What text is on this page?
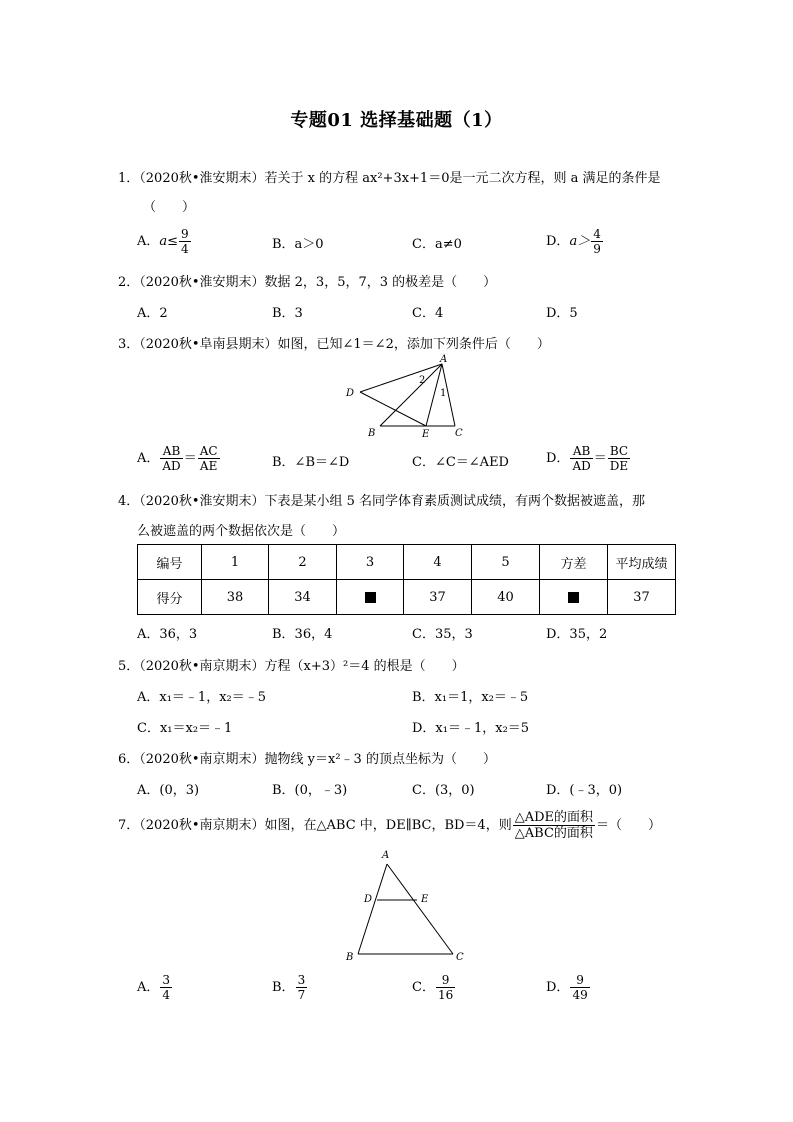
专题01 选择基础题（1）
1．（2020秋•淮安期末）若关于 x 的方程 ax²+3x+1＝0是一元二次方程，则 a 满足的条件是
（　　）
A．$a\le \frac{9}{4}$	B．a＞0	C．a≠0	D．$a> \frac{4}{9}$
2．（2020秋•淮安期末）数据 2，3，5，7，3 的极差是（　　）
A．2	B．3	C．4	D．5
3．（2020秋•阜南县期末）如图，已知∠1＝∠2，添加下列条件后（　　）
A
D
B	E	C
2
1
A． $\frac{AB}{AD} = \frac{AC}{AE}$	B．∠B＝∠D	C．∠C＝∠AED	D． $\frac{AB}{AD} = \frac{BC}{DE}$
4．（2020秋•淮安期末）下表是某小组 5 名同学体育素质测试成绩，有两个数据被遮盖，那
么被遮盖的两个数据依次是（　　）
编号	1	2	3	4	5	方差	平均成绩
得分	38	34		37	40		37
A．36，3	B．36，4	C．35，3	D．35，2
5．（2020秋•南京期末）方程（x+3）²＝4 的根是（　　）
A．x₁＝﹣1，x₂＝﹣5	B．x₁＝1，x₂＝﹣5
C．x₁＝x₂＝﹣1	D．x₁＝﹣1，x₂＝5
6．（2020秋•南京期末）抛物线 y＝x²﹣3 的顶点坐标为（　　）
A．(0，3)	B．(0，﹣3)	C．(3，0)	D．(﹣3，0)
7．（2020秋•南京期末）如图，在△ABC 中，DE∥BC，BD＝4，则 $\frac{\text{△ADE的面积}}{\text{△ABC的面积}}$ ＝（　　）
A
D	E
B	C
A． $\frac{3}{4}$	B． $\frac{3}{7}$	C． $\frac{9}{16}$	D． $\frac{9}{49}$
